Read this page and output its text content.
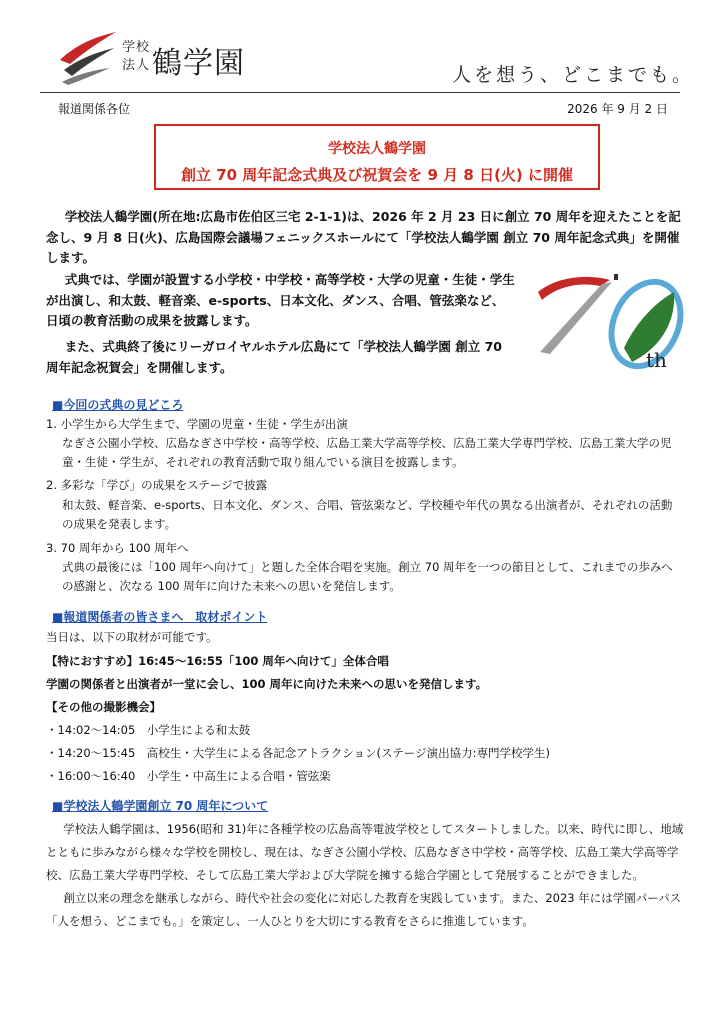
学校
法人 鶴学園	人を想う、どこまでも。
報道関係各位	2026 年 9 月 2 日
学校法人鶴学園
創立 70 周年記念式典及び祝賀会を 9 月 8 日(火) に開催
学校法人鶴学園(所在地:広島市佐伯区三宅 2-1-1)は、2026 年 2 月 23 日に創立 70 周年を迎えたことを記念し、9 月 8 日(火)、広島国際会議場フェニックスホールにて「学校法人鶴学園 創立 70 周年記念式典」を開催します。
式典では、学園が設置する小学校・中学校・高等学校・大学の児童・生徒・学生が出演し、和太鼓、軽音楽、e-sports、日本文化、ダンス、合唱、管弦楽など、日頃の教育活動の成果を披露します。
また、式典終了後にリーガロイヤルホテル広島にて「学校法人鶴学園 創立 70 周年記念祝賀会」を開催します。	th
■今回の式典の見どころ
1. 小学生から大学生まで、学園の児童・生徒・学生が出演
なぎさ公園小学校、広島なぎさ中学校・高等学校、広島工業大学高等学校、広島工業大学専門学校、広島工業大学の児童・生徒・学生が、それぞれの教育活動で取り組んでいる演目を披露します。
2. 多彩な「学び」の成果をステージで披露
和太鼓、軽音楽、e-sports、日本文化、ダンス、合唱、管弦楽など、学校種や年代の異なる出演者が、それぞれの活動の成果を発表します。
3. 70 周年から 100 周年へ
式典の最後には「100 周年へ向けて」と題した全体合唱を実施。創立 70 周年を一つの節目として、これまでの歩みへの感謝と、次なる 100 周年に向けた未来への思いを発信します。
■報道関係者の皆さまへ　取材ポイント
当日は、以下の取材が可能です。
【特におすすめ】16:45～16:55「100 周年へ向けて」全体合唱
学園の関係者と出演者が一堂に会し、100 周年に向けた未来への思いを発信します。
【その他の撮影機会】
・14:02～14:05　小学生による和太鼓
・14:20～15:45　高校生・大学生による各記念アトラクション(ステージ演出協力:専門学校学生)
・16:00～16:40　小学生・中高生による合唱・管弦楽
■学校法人鶴学園創立 70 周年について
学校法人鶴学園は、1956(昭和 31)年に各種学校の広島高等電波学校としてスタートしました。以来、時代に即し、地域とともに歩みながら様々な学校を開校し、現在は、なぎさ公園小学校、広島なぎさ中学校・高等学校、広島工業大学高等学校、広島工業大学専門学校、そして広島工業大学および大学院を擁する総合学園として発展することができました。
創立以来の理念を継承しながら、時代や社会の変化に対応した教育を実践しています。また、2023 年には学園パーパス「人を想う、どこまでも。」を策定し、一人ひとりを大切にする教育をさらに推進しています。
